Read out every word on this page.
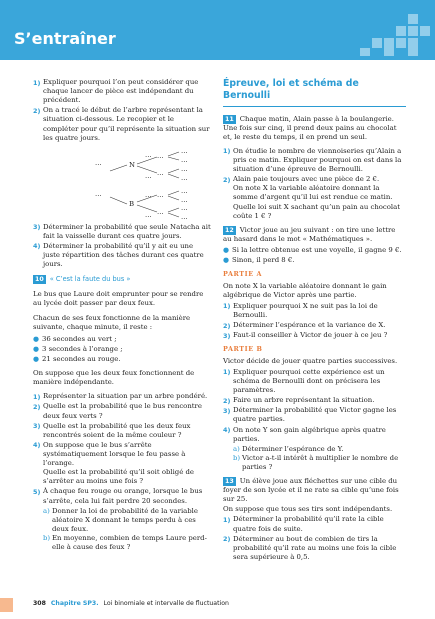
S’entraîner
1) Expliquer pourquoi l’on peut considérer que chaque lancer de pièce est indépendant du précédent.
2) On a tracé le début de l’arbre représentant la situation ci-dessous. Le recopier et le compléter pour qu’il représente la situation sur les quatre jours.
...
...
N
B
...
...
...
...
...
...
...
...
...
...
...
...
...
...
...
...
3) Déterminer la probabilité que seule Natacha ait fait la vaisselle durant ces quatre jours.
4) Déterminer la probabilité qu’il y ait eu une juste répartition des tâches durant ces quatre jours.
10 « C’est la faute du bus »

Le bus que Laure doit emprunter pour se rendre au lycée doit passer par deux feux.

Chacun de ses feux fonctionne de la manière suivante, chaque minute, il reste :

● 36 secondes au vert ;
● 3 secondes à l’orange ;
● 21 secondes au rouge.

On suppose que les deux feux fonctionnent de manière indépendante.

1) Représenter la situation par un arbre pondéré.
2) Quelle est la probabilité que le bus rencontre deux feux verts ?
3) Quelle est la probabilité que les deux feux rencontrés soient de la même couleur ?
4) On suppose que le bus s’arrête systématiquement lorsque le feu passe à l’orange.
Quelle est la probabilité qu’il soit obligé de s’arrêter au moins une fois ?
5) À chaque feu rouge ou orange, lorsque le bus s’arrête, cela lui fait perdre 20 secondes.
a) Donner la loi de probabilité de la variable aléatoire X donnant le temps perdu à ces deux feux.
b) En moyenne, combien de temps Laure perd-elle à cause des feux ?
Épreuve, loi et schéma de Bernoulli

11 Chaque matin, Alain passe à la boulangerie.

Une fois sur cinq, il prend deux pains au chocolat et, le reste du temps, il en prend un seul.

1) On étudie le nombre de viennoiseries qu’Alain a pris ce matin. Expliquer pourquoi on est dans la situation d’une épreuve de Bernoulli.
2) Alain paie toujours avec une pièce de 2 €.
On note X la variable aléatoire donnant la somme d’argent qu’il lui est rendue ce matin.
Quelle loi suit X sachant qu’un pain au chocolat coûte 1 € ?

12 Victor joue au jeu suivant : on tire une lettre au hasard dans le mot « Mathématiques ».

● Si la lettre obtenue est une voyelle, il gagne 9 €.
● Sinon, il perd 8 €.
PARTIE A

On note X la variable aléatoire donnant le gain algébrique de Victor après une partie.

1) Expliquer pourquoi X ne suit pas la loi de Bernoulli.
2) Déterminer l’espérance et la variance de X.
3) Faut-il conseiller à Victor de jouer à ce jeu ?
PARTIE B

Victor décide de jouer quatre parties successives.

1) Expliquer pourquoi cette expérience est un schéma de Bernoulli dont on précisera les paramètres.
2) Faire un arbre représentant la situation.
3) Déterminer la probabilité que Victor gagne les quatre parties.
4) On note Y son gain algébrique après quatre parties.
a) Déterminer l’espérance de Y.
b) Victor a-t-il intérêt à multiplier le nombre de parties ?

13 Un élève joue aux fléchettes sur une cible du foyer de son lycée et il ne rate sa cible qu’une fois sur 25.

On suppose que tous ses tirs sont indépendants.

1) Déterminer la probabilité qu’il rate la cible quatre fois de suite.
2) Déterminer au bout de combien de tirs la probabilité qu’il rate au moins une fois la cible sera supérieure à 0,5.
308 Chapitre SP3. Loi binomiale et intervalle de fluctuation
